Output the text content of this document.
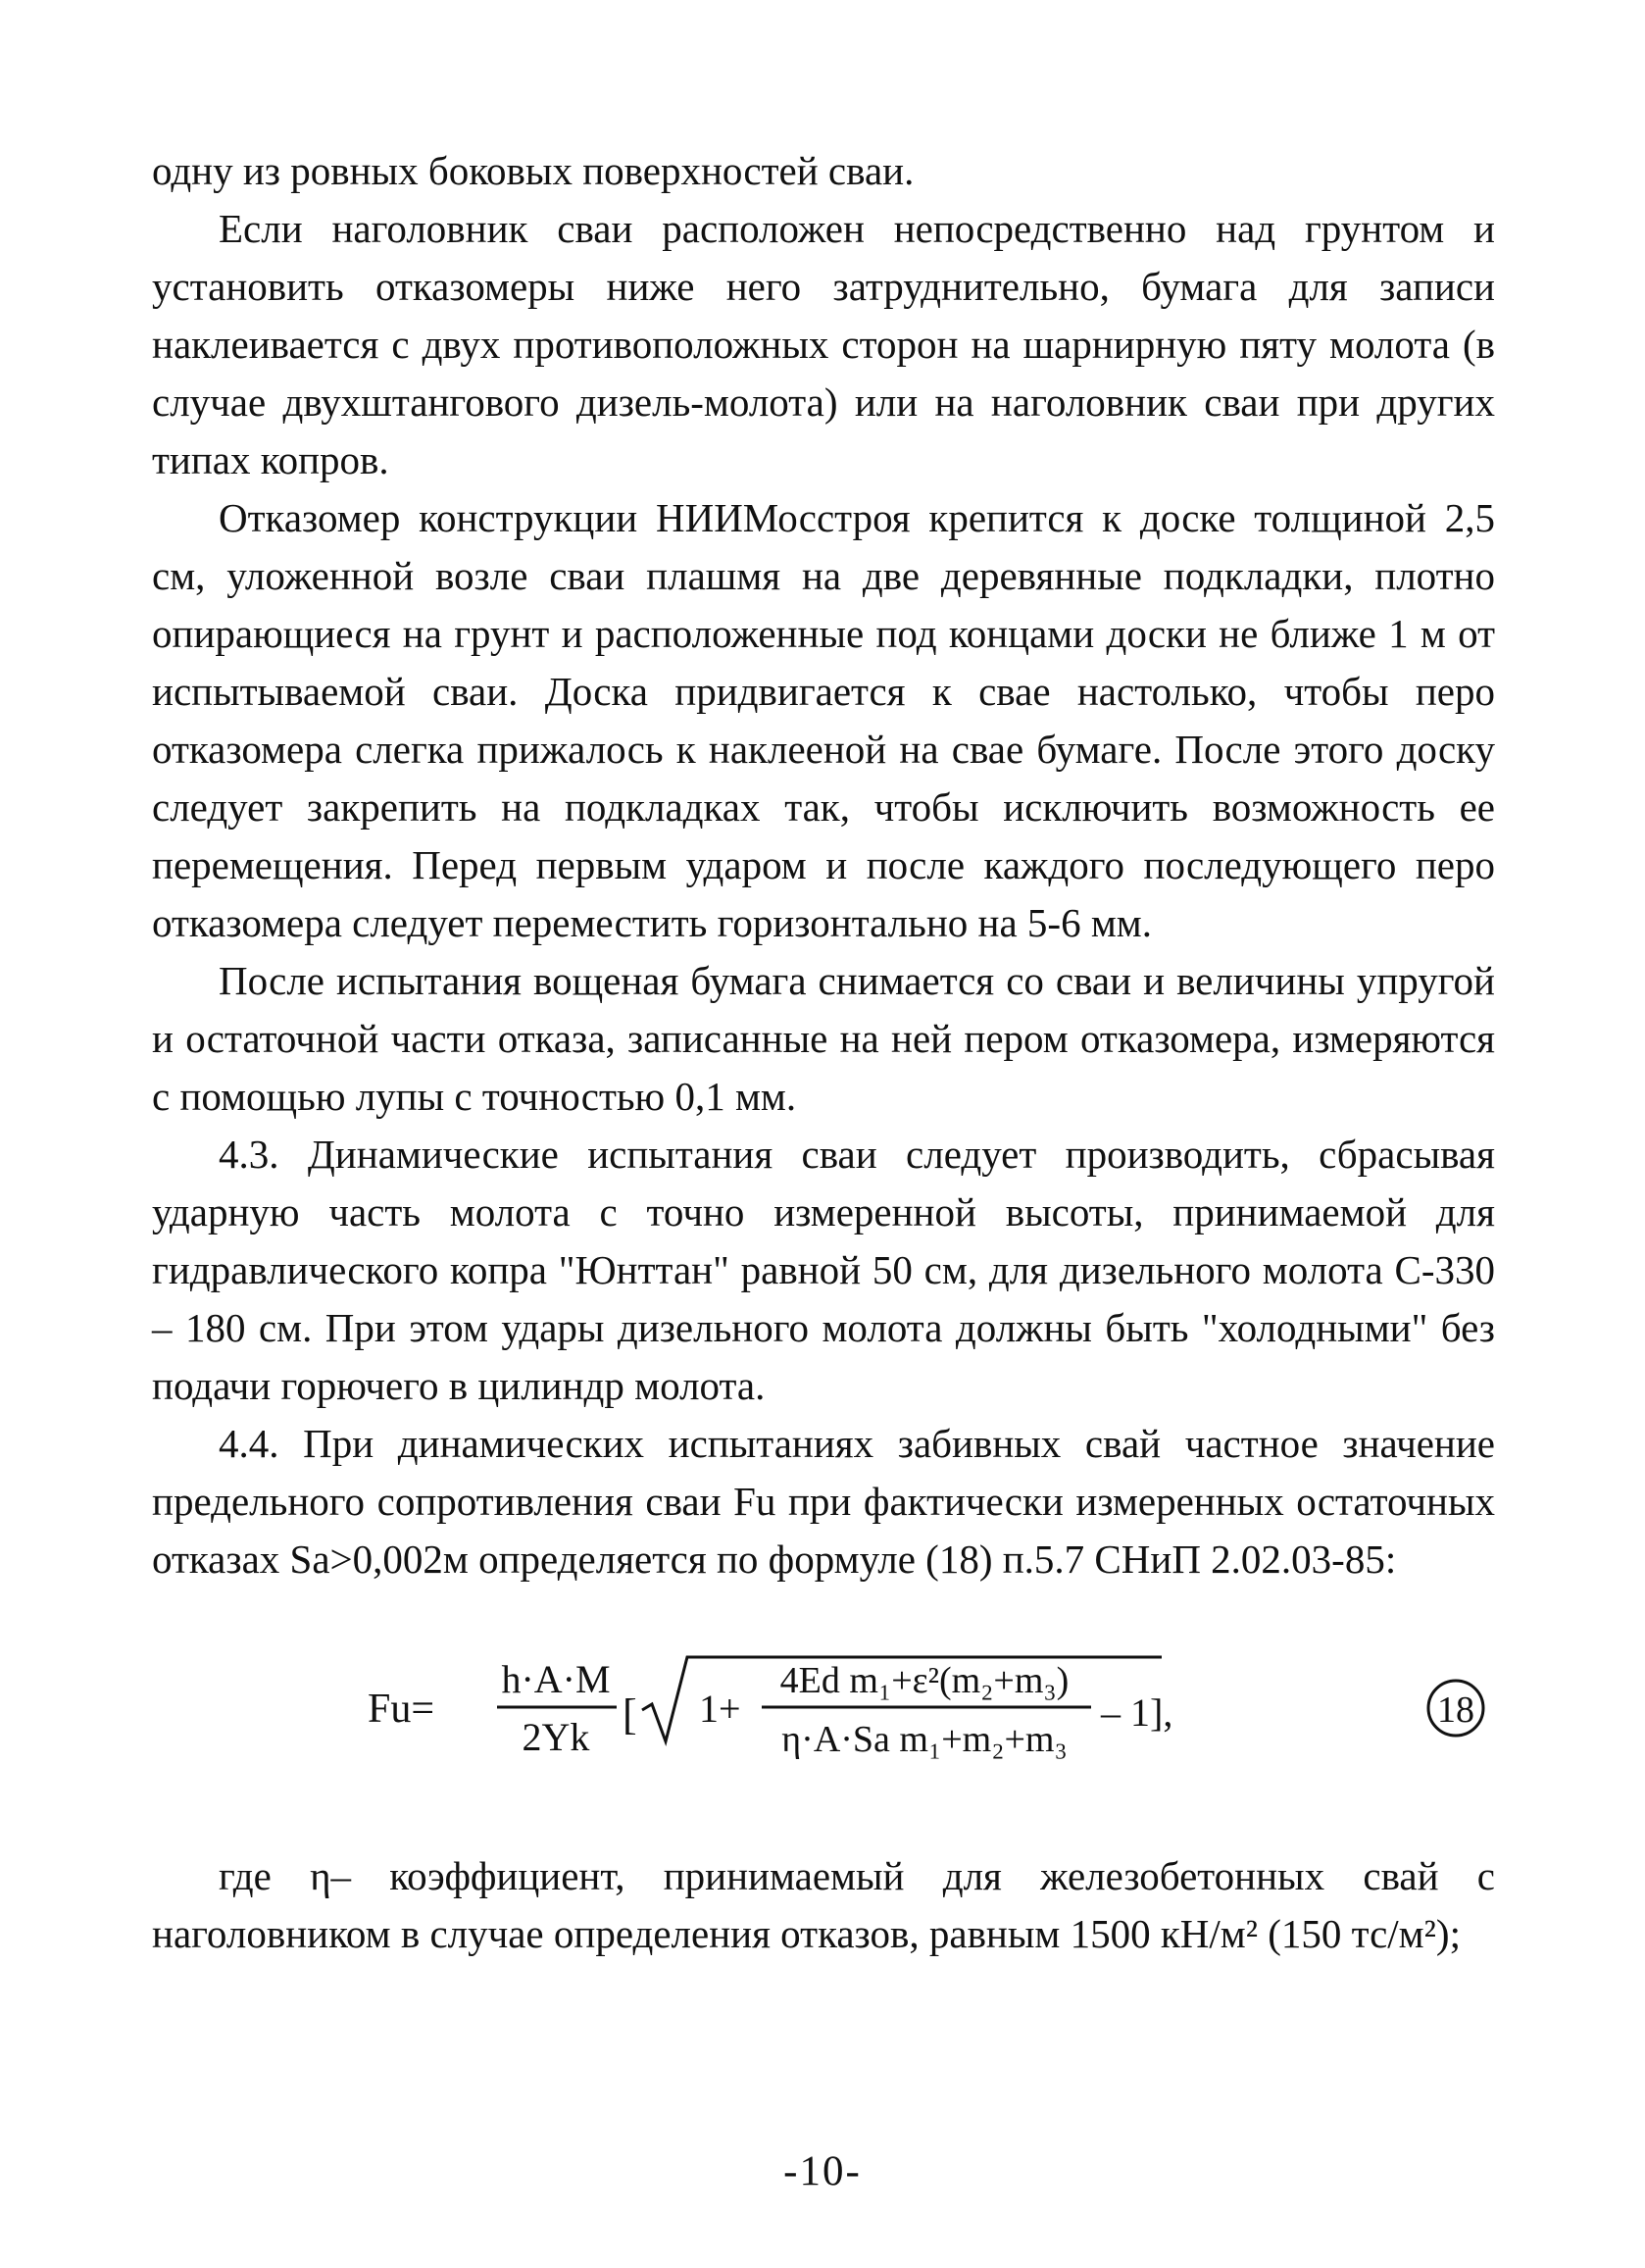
одну из ровных боковых поверхностей сваи.

Если наголовник сваи расположен непосредственно над грунтом и установить отказомеры ниже него затруднительно, бумага для записи наклеивается с двух противоположных сторон на шарнирную пяту молота (в случае двухштангового дизель-молота) или на наголовник сваи при других типах копров.

Отказомер конструкции НИИМосстроя крепится к доске толщиной 2,5 см, уложенной возле сваи плашмя на две деревянные подкладки, плотно опирающиеся на грунт и расположенные под концами доски не ближе 1 м от испытываемой сваи. Доска придвигается к свае настолько, чтобы перо отказомера слегка прижалось к наклееной на свае бумаге. После этого доску следует закрепить на подкладках так, чтобы исключить возможность ее перемещения. Перед первым ударом и после каждого последующего перо отказомера следует переместить горизонтально на 5-6 мм.

После испытания вощеная бумага снимается со сваи и величины упругой и остаточной части отказа, записанные на ней пером отказомера, измеряются с помощью лупы с точностью 0,1 мм.

4.3. Динамические испытания сваи следует производить, сбрасывая ударную часть молота с точно измеренной высоты, принимаемой для гидравлического копра "Юнттан" равной 50 см, для дизельного молота С-330 – 180 см. При этом удары дизельного молота должны быть "холодными" без подачи горючего в цилиндр молота.

4.4. При динамических испытаниях забивных свай частное значение предельного сопротивления сваи Fu при фактически измеренных остаточных отказах Sa>0,002м определяется по формуле (18) п.5.7 СНиП 2.02.03-85:

Fu=
h·A·M
2Yk [ 1+
4Ed m₁+ε²(m₂+m₃)
η·A·Sa m₁+m₂+m₃
– 1],	18

где η– коэффициент, принимаемый для железобетонных свай с наголовником в случае определения отказов, равным 1500 кН/м² (150 тс/м²);

-10-
